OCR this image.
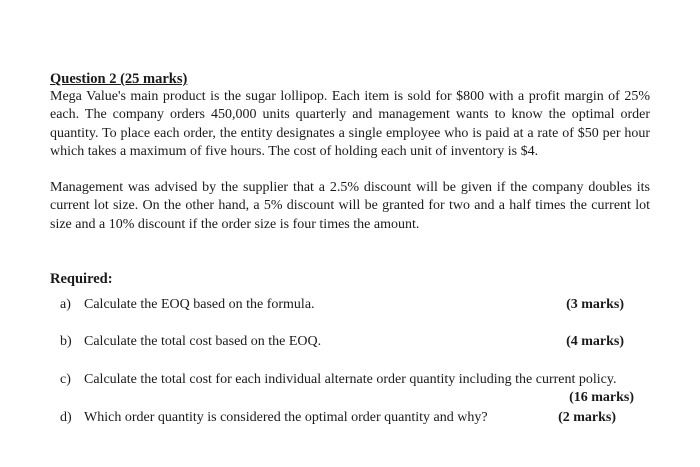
Question 2 (25 marks)

Mega Value's main product is the sugar lollipop. Each item is sold for $800 with a profit margin of 25% each. The company orders 450,000 units quarterly and management wants to know the optimal order quantity. To place each order, the entity designates a single employee who is paid at a rate of $50 per hour which takes a maximum of five hours. The cost of holding each unit of inventory is $4.

Management was advised by the supplier that a 2.5% discount will be given if the company doubles its current lot size. On the other hand, a 5% discount will be granted for two and a half times the current lot size and a 10% discount if the order size is four times the amount.

Required:
a) Calculate the EOQ based on the formula.	(3 marks)
b) Calculate the total cost based on the EOQ.	(4 marks)
c) Calculate the total cost for each individual alternate order quantity including the current policy.
(16 marks)
d) Which order quantity is considered the optimal order quantity and why?	(2 marks)
